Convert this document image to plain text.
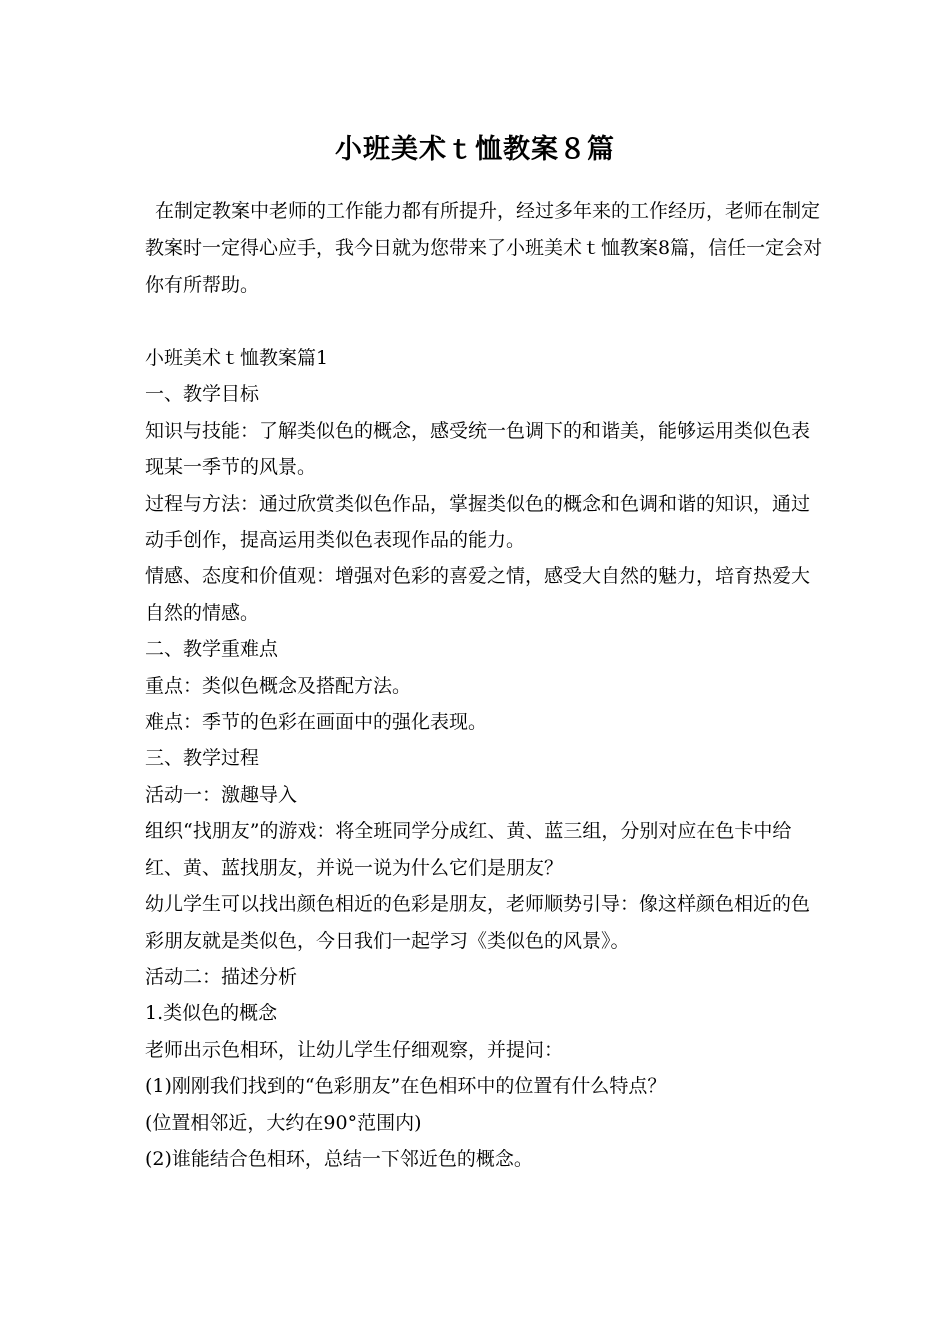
小班美术ｔ恤教案８篇

在制定教案中老师的工作能力都有所提升，经过多年来的工作经历，老师在制定教案时一定得心应手，我今日就为您带来了小班美术ｔ恤教案8篇，信任一定会对你有所帮助。

小班美术ｔ恤教案篇1

一、教学目标

知识与技能：了解类似色的概念，感受统一色调下的和谐美，能够运用类似色表现某一季节的风景。

过程与方法：通过欣赏类似色作品，掌握类似色的概念和色调和谐的知识，通过动手创作，提高运用类似色表现作品的能力。

情感、态度和价值观：增强对色彩的喜爱之情，感受大自然的魅力，培育热爱大自然的情感。

二、教学重难点

重点：类似色概念及搭配方法。

难点：季节的色彩在画面中的强化表现。

三、教学过程

活动一：激趣导入

组织“找朋友”的游戏：将全班同学分成红、黄、蓝三组，分别对应在色卡中给红、黄、蓝找朋友，并说一说为什么它们是朋友？

幼儿学生可以找出颜色相近的色彩是朋友，老师顺势引导：像这样颜色相近的色彩朋友就是类似色，今日我们一起学习《类似色的风景》。

活动二：描述分析

1.类似色的概念

老师出示色相环，让幼儿学生仔细观察，并提问：

(1)刚刚我们找到的“色彩朋友”在色相环中的位置有什么特点？

(位置相邻近，大约在90°范围内)

(2)谁能结合色相环，总结一下邻近色的概念。
